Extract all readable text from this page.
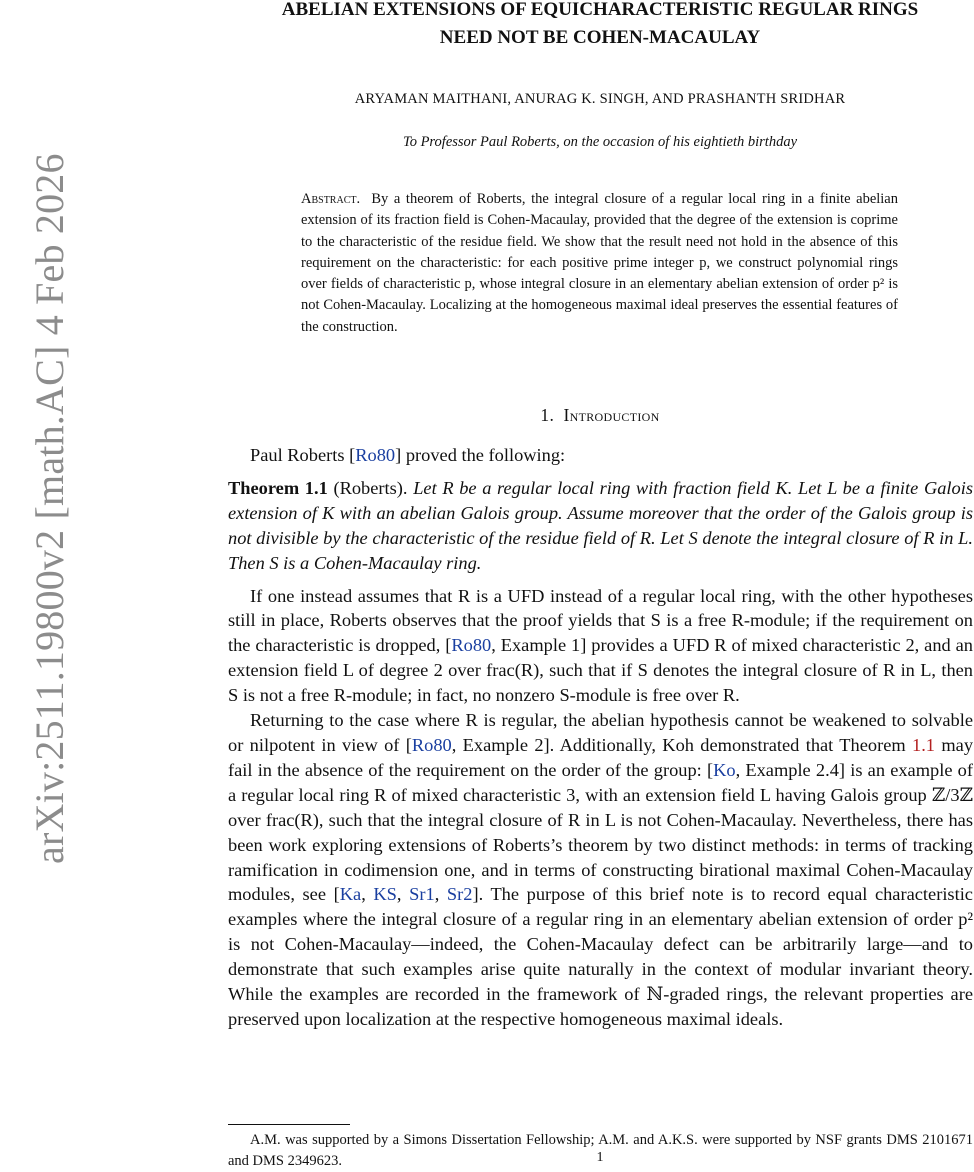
arXiv:2511.19800v2 [math.AC] 4 Feb 2026
ABELIAN EXTENSIONS OF EQUICHARACTERISTIC REGULAR RINGS
NEED NOT BE COHEN-MACAULAY
ARYAMAN MAITHANI, ANURAG K. SINGH, AND PRASHANTH SRIDHAR
To Professor Paul Roberts, on the occasion of his eightieth birthday
Abstract. By a theorem of Roberts, the integral closure of a regular local ring in a finite abelian extension of its fraction field is Cohen-Macaulay, provided that the degree of the extension is coprime to the characteristic of the residue field. We show that the result need not hold in the absence of this requirement on the characteristic: for each positive prime integer p, we construct polynomial rings over fields of characteristic p, whose integral closure in an elementary abelian extension of order p² is not Cohen-Macaulay. Localizing at the homogeneous maximal ideal preserves the essential features of the construction.
1. Introduction

Paul Roberts [Ro80] proved the following:

Theorem 1.1 (Roberts). Let R be a regular local ring with fraction field K. Let L be a finite Galois extension of K with an abelian Galois group. Assume moreover that the order of the Galois group is not divisible by the characteristic of the residue field of R. Let S denote the integral closure of R in L. Then S is a Cohen-Macaulay ring.

If one instead assumes that R is a UFD instead of a regular local ring, with the other hypotheses still in place, Roberts observes that the proof yields that S is a free R-module; if the requirement on the characteristic is dropped, [Ro80, Example 1] provides a UFD R of mixed characteristic 2, and an extension field L of degree 2 over frac(R), such that if S denotes the integral closure of R in L, then S is not a free R-module; in fact, no nonzero S-module is free over R.

Returning to the case where R is regular, the abelian hypothesis cannot be weakened to solvable or nilpotent in view of [Ro80, Example 2]. Additionally, Koh demonstrated that Theorem 1.1 may fail in the absence of the requirement on the order of the group: [Ko, Example 2.4] is an example of a regular local ring R of mixed characteristic 3, with an extension field L having Galois group ℤ/3ℤ over frac(R), such that the integral closure of R in L is not Cohen-Macaulay. Nevertheless, there has been work exploring extensions of Roberts’s theorem by two distinct methods: in terms of tracking ramification in codimension one, and in terms of constructing birational maximal Cohen-Macaulay modules, see [Ka, KS, Sr1, Sr2]. The purpose of this brief note is to record equal characteristic examples where the integral closure of a regular ring in an elementary abelian extension of order p² is not Cohen-Macaulay—indeed, the Cohen-Macaulay defect can be arbitrarily large—and to demonstrate that such examples arise quite naturally in the context of modular invariant theory. While the examples are recorded in the framework of ℕ-graded rings, the relevant properties are preserved upon localization at the respective homogeneous maximal ideals.

A.M. was supported by a Simons Dissertation Fellowship; A.M. and A.K.S. were supported by NSF grants DMS 2101671 and DMS 2349623.	1
